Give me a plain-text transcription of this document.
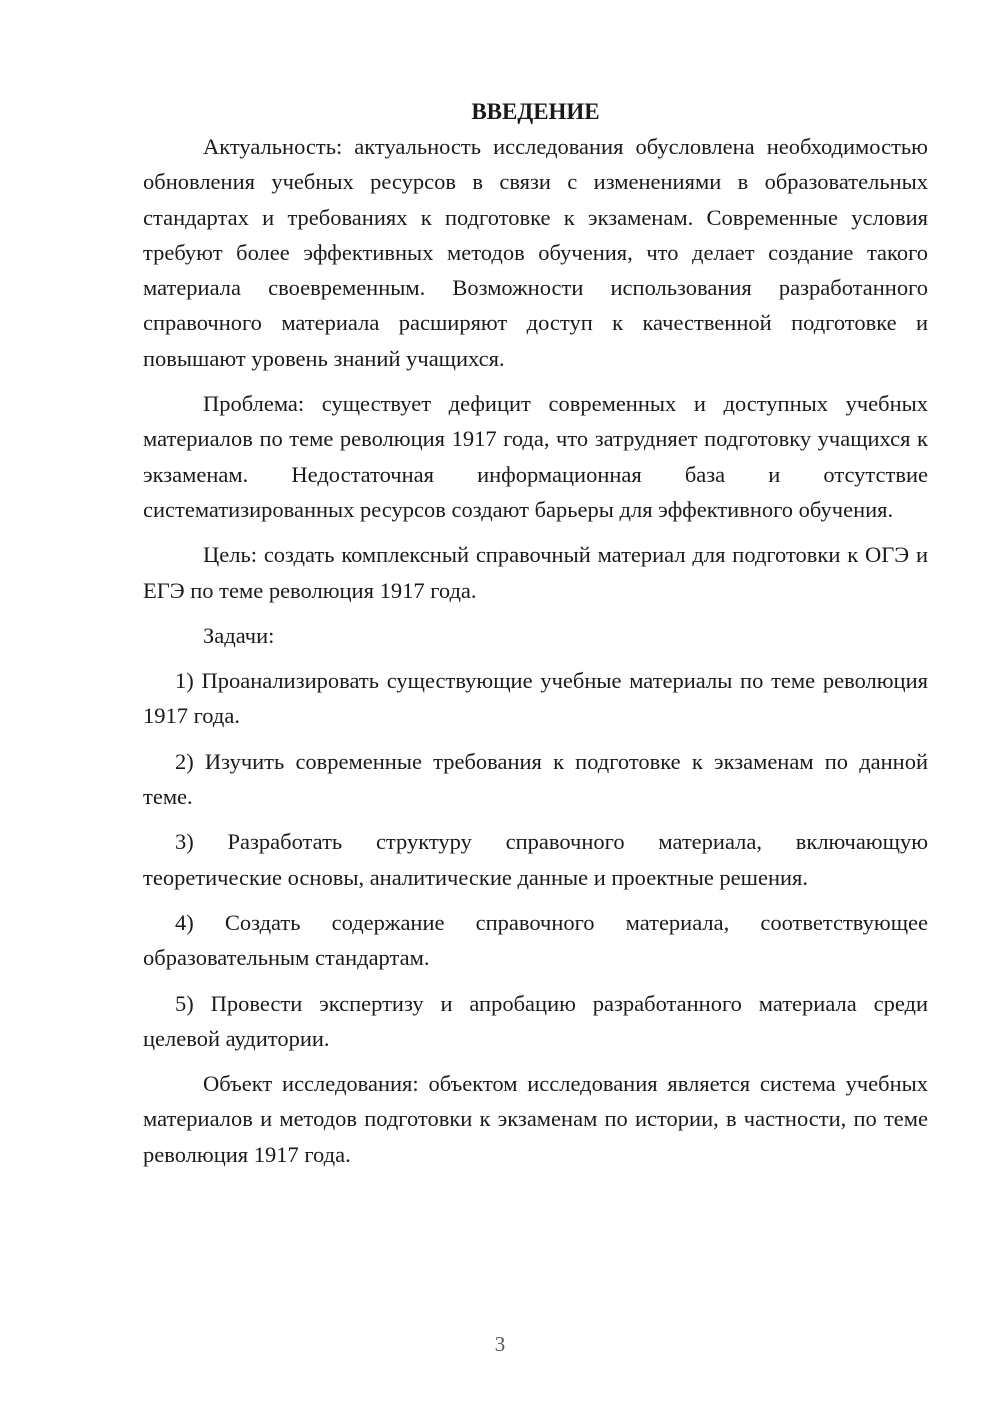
ВВЕДЕНИЕ

Актуальность: актуальность исследования обусловлена необходимостью обновления учебных ресурсов в связи с изменениями в образовательных стандартах и требованиях к подготовке к экзаменам. Современные условия требуют более эффективных методов обучения, что делает создание такого материала своевременным. Возможности использования разработанного справочного материала расширяют доступ к качественной подготовке и повышают уровень знаний учащихся.

Проблема: существует дефицит современных и доступных учебных материалов по теме революция 1917 года, что затрудняет подготовку учащихся к экзаменам. Недостаточная информационная база и отсутствие систематизированных ресурсов создают барьеры для эффективного обучения.

Цель: создать комплексный справочный материал для подготовки к ОГЭ и ЕГЭ по теме революция 1917 года.

Задачи:

1) Проанализировать существующие учебные материалы по теме революция 1917 года.

2) Изучить современные требования к подготовке к экзаменам по данной теме.

3) Разработать структуру справочного материала, включающую теоретические основы, аналитические данные и проектные решения.

4) Создать содержание справочного материала, соответствующее образовательным стандартам.

5) Провести экспертизу и апробацию разработанного материала среди целевой аудитории.

Объект исследования: объектом исследования является система учебных материалов и методов подготовки к экзаменам по истории, в частности, по теме революция 1917 года.

3
